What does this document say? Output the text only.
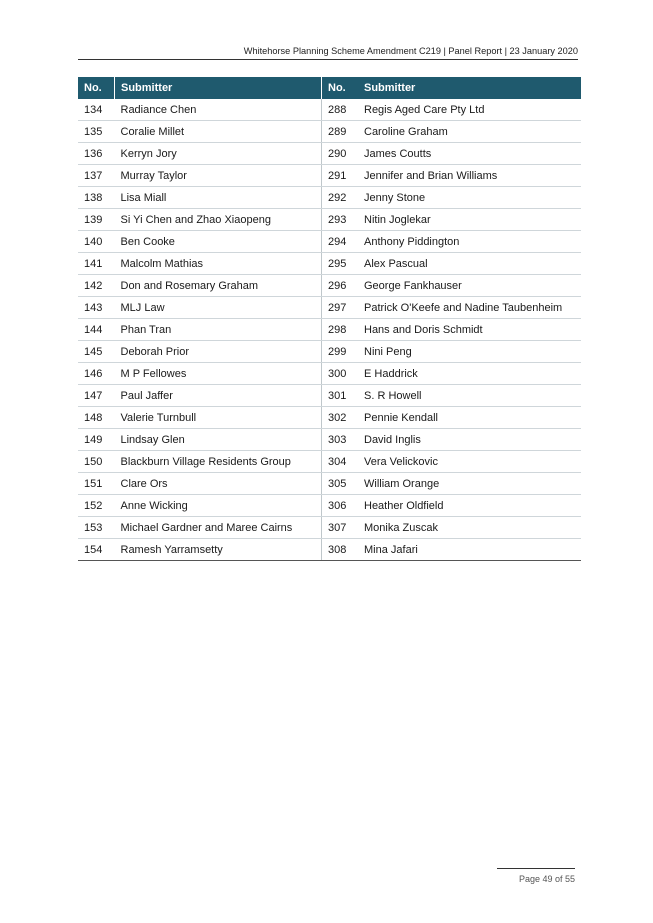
Whitehorse Planning Scheme Amendment C219 | Panel Report | 23 January 2020
No.	Submitter	No.	Submitter
134	Radiance Chen	288	Regis Aged Care Pty Ltd
135	Coralie Millet	289	Caroline Graham
136	Kerryn Jory	290	James Coutts
137	Murray Taylor	291	Jennifer and Brian Williams
138	Lisa Miall	292	Jenny Stone
139	Si Yi Chen and Zhao Xiaopeng	293	Nitin Joglekar
140	Ben Cooke	294	Anthony Piddington
141	Malcolm Mathias	295	Alex Pascual
142	Don and Rosemary Graham	296	George Fankhauser
143	MLJ Law	297	Patrick O'Keefe and Nadine Taubenheim
144	Phan Tran	298	Hans and Doris Schmidt
145	Deborah Prior	299	Nini Peng
146	M P Fellowes	300	E Haddrick
147	Paul Jaffer	301	S. R Howell
148	Valerie Turnbull	302	Pennie Kendall
149	Lindsay Glen	303	David Inglis
150	Blackburn Village Residents Group	304	Vera Velickovic
151	Clare Ors	305	William Orange
152	Anne Wicking	306	Heather Oldfield
153	Michael Gardner and Maree Cairns	307	Monika Zuscak
154	Ramesh Yarramsetty	308	Mina Jafari
Page 49 of 55
